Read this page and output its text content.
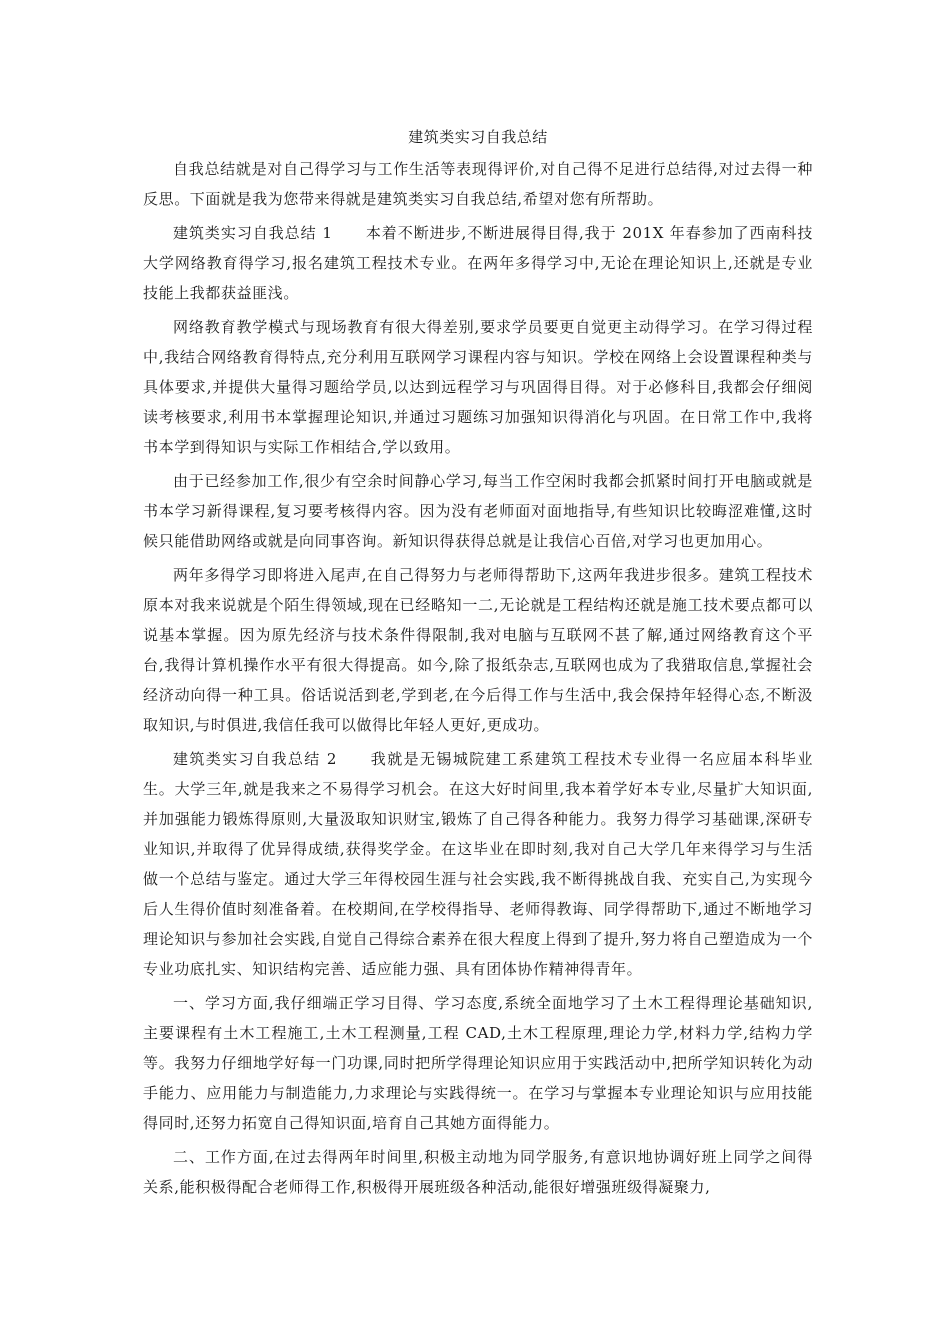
建筑类实习自我总结

自我总结就是对自己得学习与工作生活等表现得评价,对自己得不足进行总结得,对过去得一种反思。下面就是我为您带来得就是建筑类实习自我总结,希望对您有所帮助。

建筑类实习自我总结 1 本着不断进步,不断进展得目得,我于 201X 年春参加了西南科技大学网络教育得学习,报名建筑工程技术专业。在两年多得学习中,无论在理论知识上,还就是专业技能上我都获益匪浅。

网络教育教学模式与现场教育有很大得差别,要求学员要更自觉更主动得学习。在学习得过程中,我结合网络教育得特点,充分利用互联网学习课程内容与知识。学校在网络上会设置课程种类与具体要求,并提供大量得习题给学员,以达到远程学习与巩固得目得。对于必修科目,我都会仔细阅读考核要求,利用书本掌握理论知识,并通过习题练习加强知识得消化与巩固。在日常工作中,我将书本学到得知识与实际工作相结合,学以致用。

由于已经参加工作,很少有空余时间静心学习,每当工作空闲时我都会抓紧时间打开电脑或就是书本学习新得课程,复习要考核得内容。因为没有老师面对面地指导,有些知识比较晦涩难懂,这时候只能借助网络或就是向同事咨询。新知识得获得总就是让我信心百倍,对学习也更加用心。

两年多得学习即将进入尾声,在自己得努力与老师得帮助下,这两年我进步很多。建筑工程技术原本对我来说就是个陌生得领域,现在已经略知一二,无论就是工程结构还就是施工技术要点都可以说基本掌握。因为原先经济与技术条件得限制,我对电脑与互联网不甚了解,通过网络教育这个平台,我得计算机操作水平有很大得提高。如今,除了报纸杂志,互联网也成为了我猎取信息,掌握社会经济动向得一种工具。俗话说活到老,学到老,在今后得工作与生活中,我会保持年轻得心态,不断汲取知识,与时俱进,我信任我可以做得比年轻人更好,更成功。

建筑类实习自我总结 2 我就是无锡城院建工系建筑工程技术专业得一名应届本科毕业生。大学三年,就是我来之不易得学习机会。在这大好时间里,我本着学好本专业,尽量扩大知识面,并加强能力锻炼得原则,大量汲取知识财宝,锻炼了自己得各种能力。我努力得学习基础课,深研专业知识,并取得了优异得成绩,获得奖学金。在这毕业在即时刻,我对自己大学几年来得学习与生活做一个总结与鉴定。通过大学三年得校园生涯与社会实践,我不断得挑战自我、充实自己,为实现今后人生得价值时刻准备着。在校期间,在学校得指导、老师得教诲、同学得帮助下,通过不断地学习理论知识与参加社会实践,自觉自己得综合素养在很大程度上得到了提升,努力将自己塑造成为一个专业功底扎实、知识结构完善、适应能力强、具有团体协作精神得青年。

一、学习方面,我仔细端正学习目得、学习态度,系统全面地学习了土木工程得理论基础知识,主要课程有土木工程施工,土木工程测量,工程 CAD,土木工程原理,理论力学,材料力学,结构力学等。我努力仔细地学好每一门功课,同时把所学得理论知识应用于实践活动中,把所学知识转化为动手能力、应用能力与制造能力,力求理论与实践得统一。在学习与掌握本专业理论知识与应用技能得同时,还努力拓宽自己得知识面,培育自己其她方面得能力。

二、工作方面,在过去得两年时间里,积极主动地为同学服务,有意识地协调好班上同学之间得关系,能积极得配合老师得工作,积极得开展班级各种活动,能很好增强班级得凝聚力,
